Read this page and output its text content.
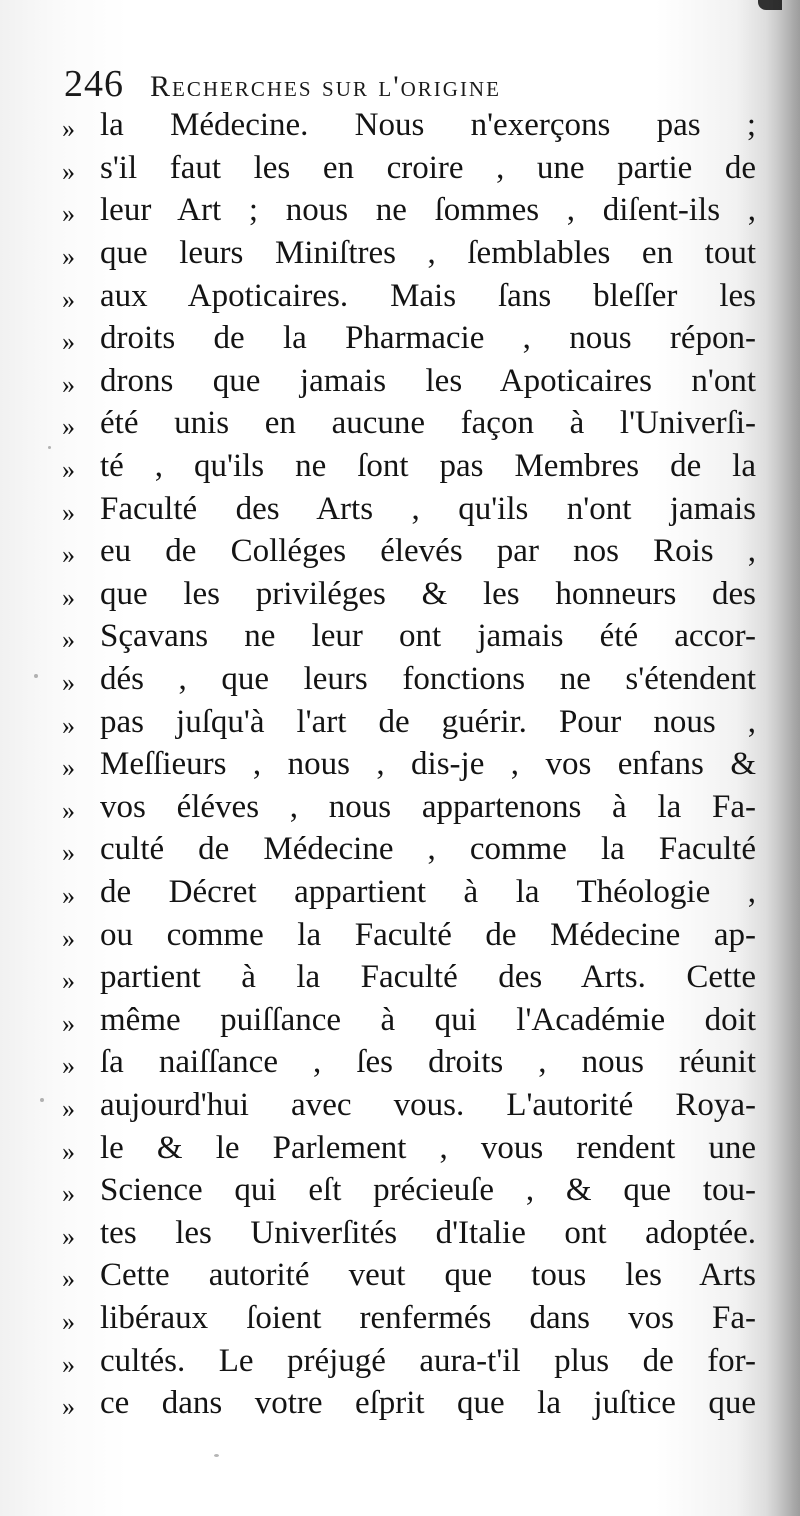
246 Recherches sur l'origine
» la Médecine. Nous n'exerçons pas ;
» s'il faut les en croire , une partie de
» leur Art ; nous ne ſommes , diſent-ils ,
» que leurs Miniſtres , ſemblables en tout
» aux Apoticaires. Mais ſans bleſſer les
» droits de la Pharmacie , nous répon-
» drons que jamais les Apoticaires n'ont
» été unis en aucune façon à l'Univerſi-
» té , qu'ils ne ſont pas Membres de la
» Faculté des Arts , qu'ils n'ont jamais
» eu de Colléges élevés par nos Rois ,
» que les priviléges & les honneurs des
» Sçavans ne leur ont jamais été accor-
» dés , que leurs fonctions ne s'étendent
» pas juſqu'à l'art de guérir. Pour nous ,
» Meſſieurs , nous , dis-je , vos enfans &
» vos éléves , nous appartenons à la Fa-
» culté de Médecine , comme la Faculté
» de Décret appartient à la Théologie ,
» ou comme la Faculté de Médecine ap-
» partient à la Faculté des Arts. Cette
» même puiſſance à qui l'Académie doit
» ſa naiſſance , ſes droits , nous réunit
» aujourd'hui avec vous. L'autorité Roya-
» le & le Parlement , vous rendent une
» Science qui eſt précieuſe , & que tou-
» tes les Univerſités d'Italie ont adoptée.
» Cette autorité veut que tous les Arts
» libéraux ſoient renfermés dans vos Fa-
» cultés. Le préjugé aura-t'il plus de for-
» ce dans votre eſprit que la juſtice que
